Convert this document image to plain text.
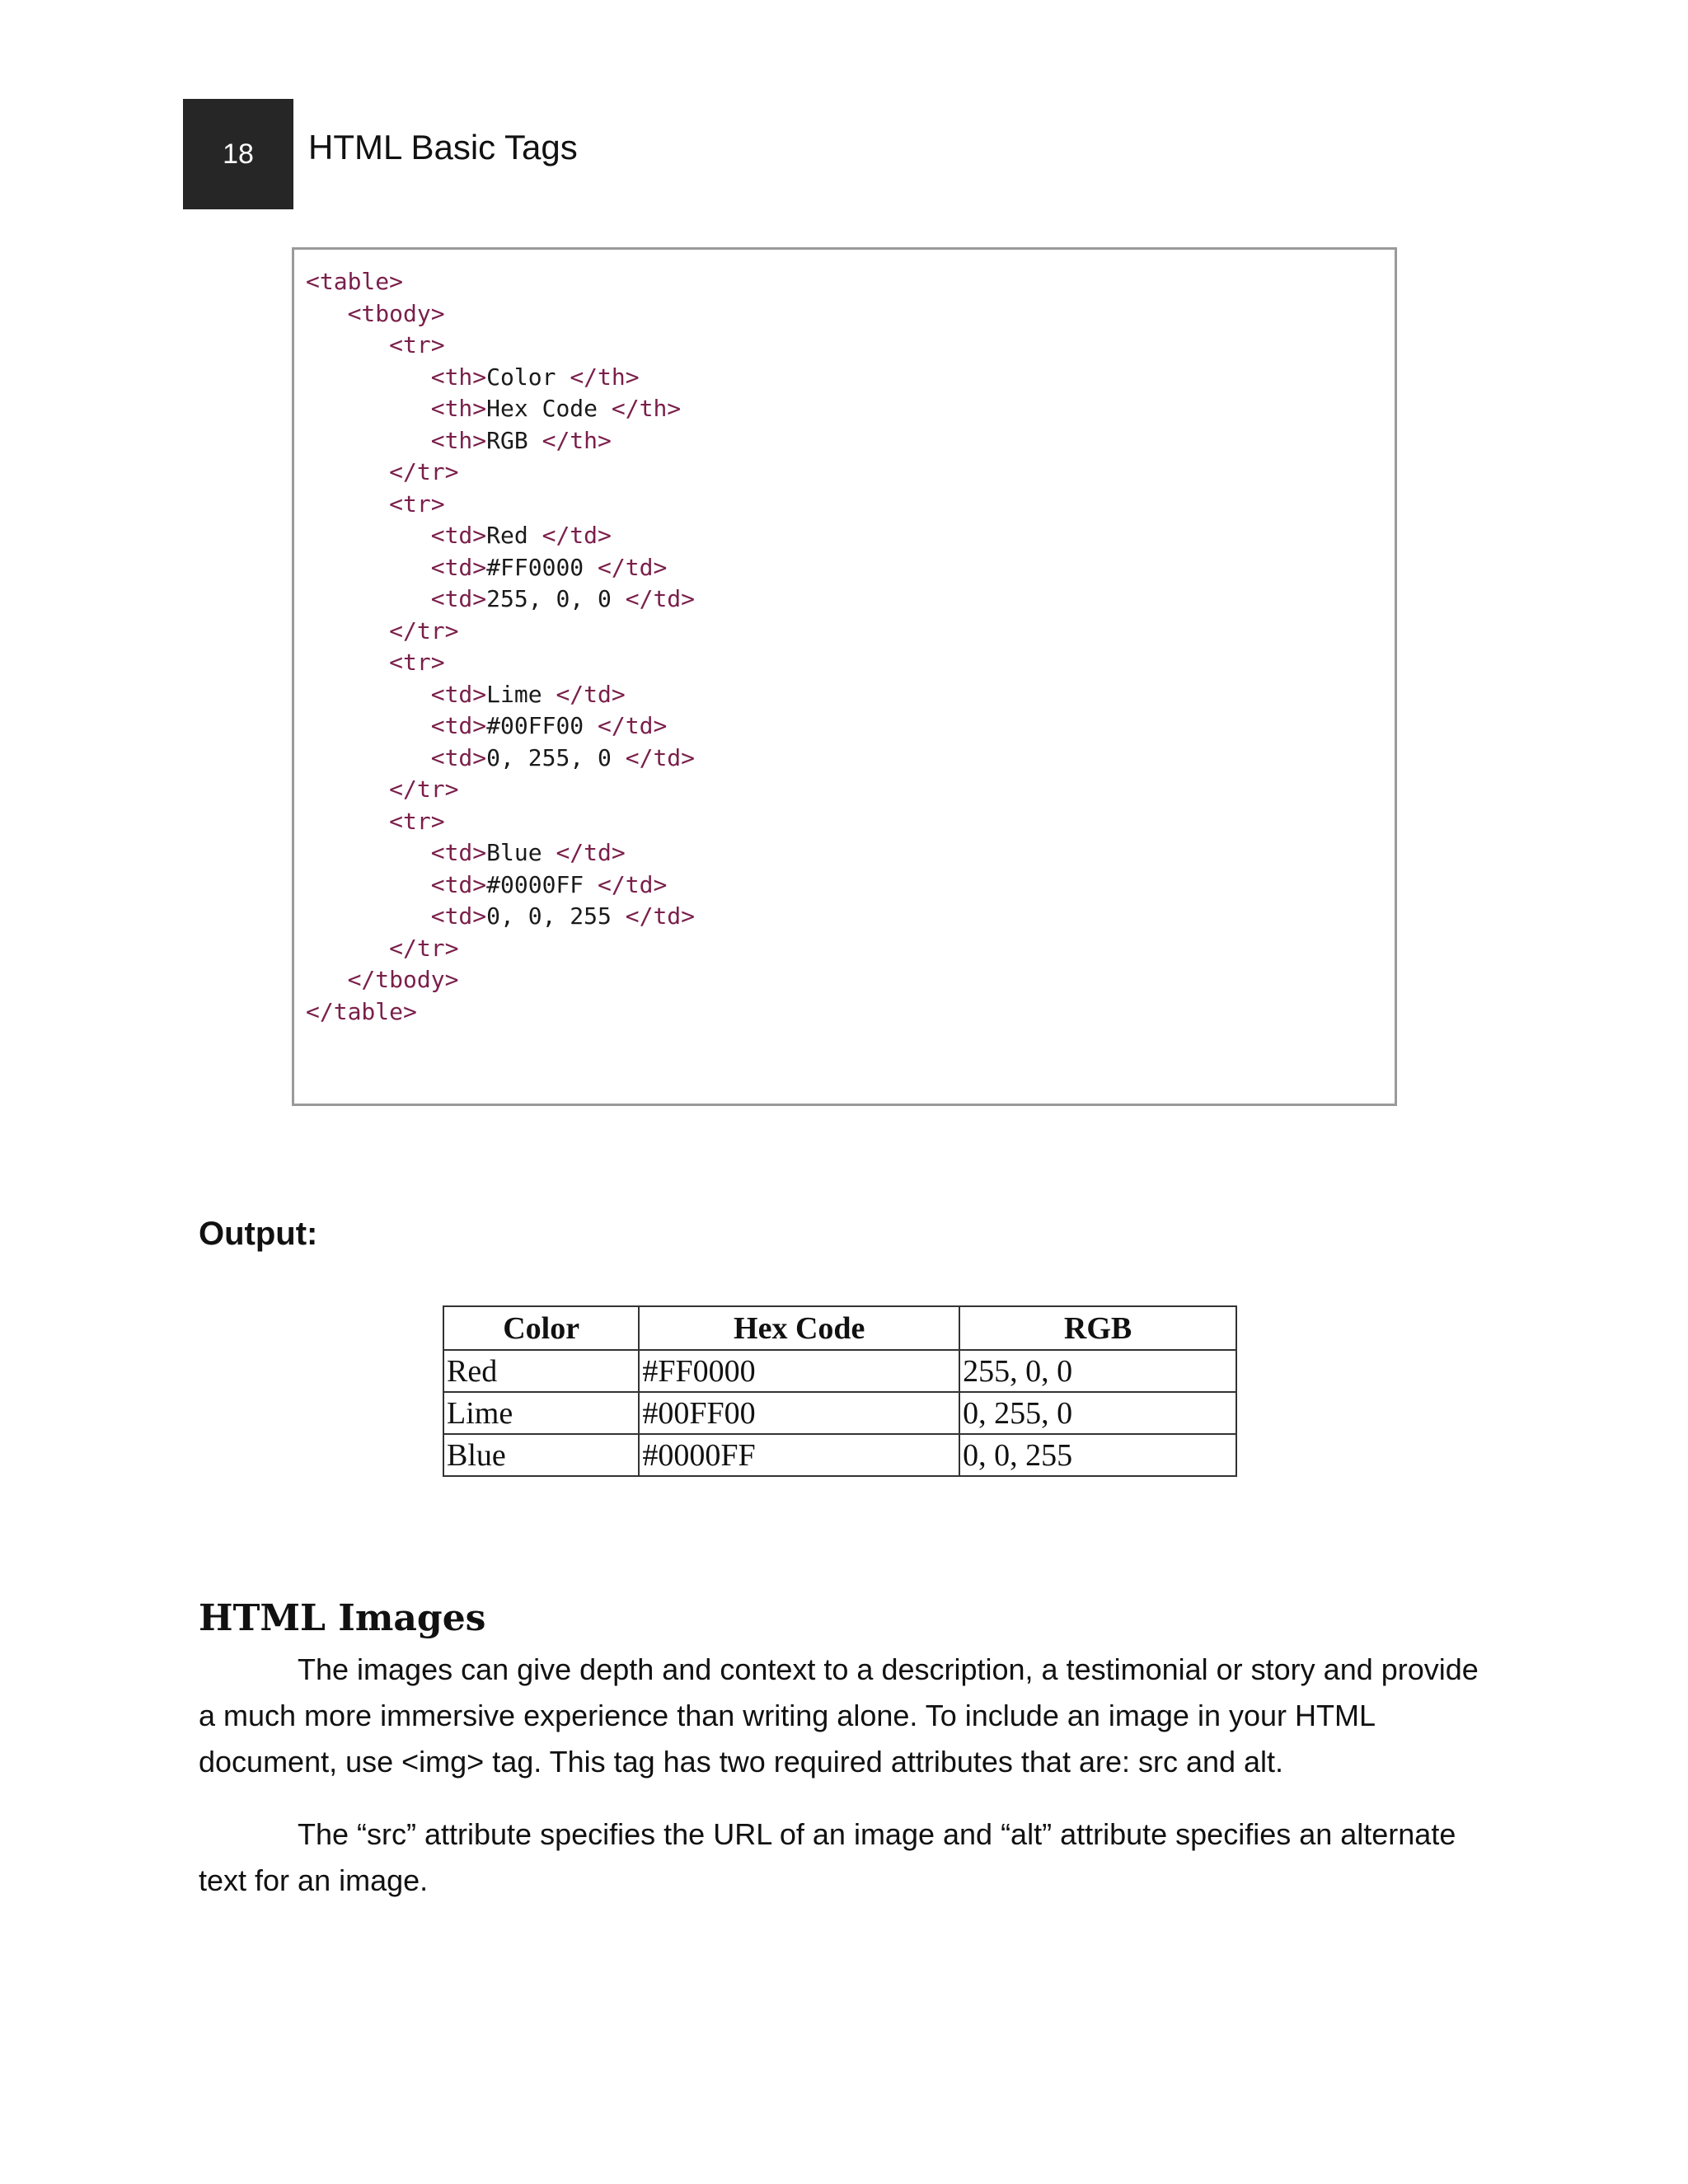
18 HTML Basic Tags
<table>
<tbody>
<tr>
<th>Color </th>
<th>Hex Code </th>
<th>RGB </th>
</tr>
<tr>
<td>Red </td>
<td>#FF0000 </td>
<td>255, 0, 0 </td>
</tr>
<tr>
<td>Lime </td>
<td>#00FF00 </td>
<td>0, 255, 0 </td>
</tr>
<tr>
<td>Blue </td>
<td>#0000FF </td>
<td>0, 0, 255 </td>
</tr>
</tbody>
</table>
Output:
Color	Hex Code	RGB
Red	#FF0000	255, 0, 0
Lime	#00FF00	0, 255, 0
Blue	#0000FF	0, 0, 255
HTML Images

The images can give depth and context to a description, a testimonial or story and provide a much more immersive experience than writing alone. To include an image in your HTML document, use <img> tag. This tag has two required attributes that are: src and alt.

The “src” attribute specifies the URL of an image and “alt” attribute specifies an alternate text for an image.
